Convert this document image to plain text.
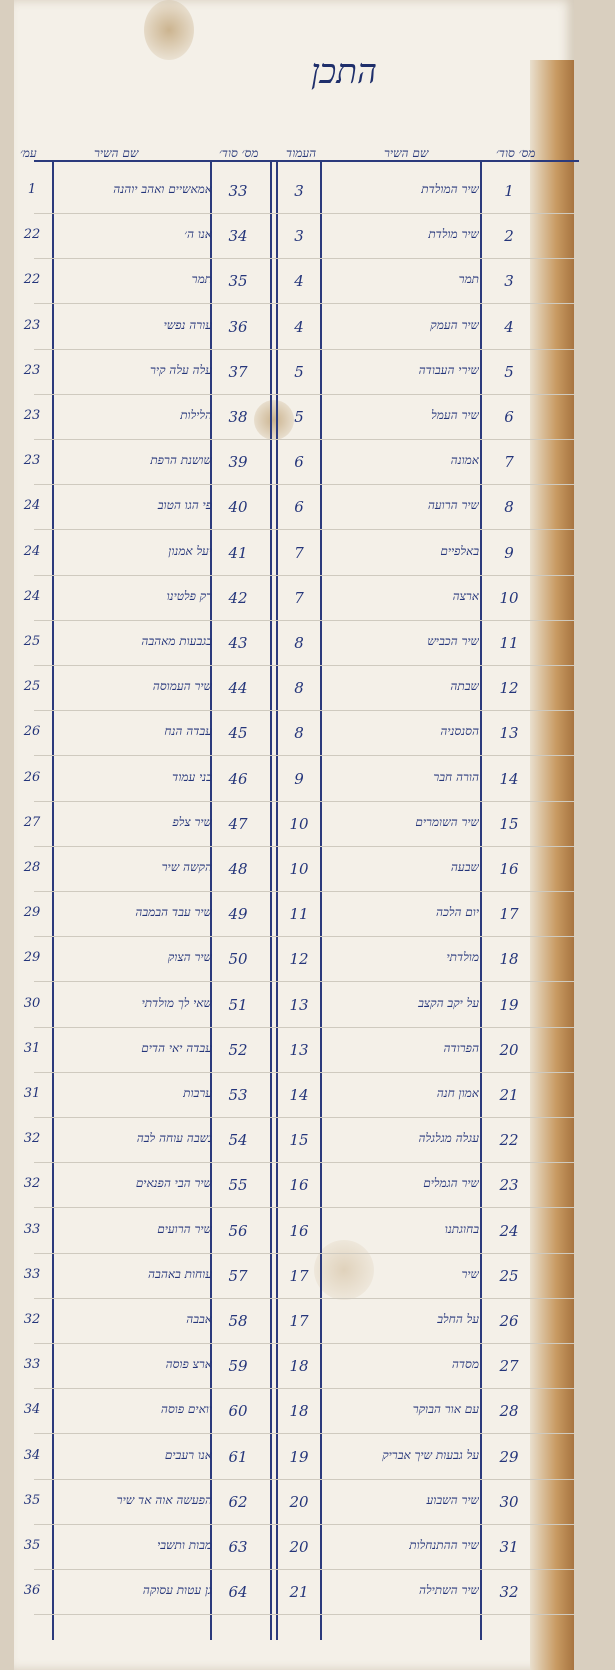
התכן
מס׳ סוד׳
שם השיר
העמוד
מס׳ סוד׳
שם השיר
עמ׳
1
שיר המולדת
3
33
אמאשיים ואהב יוהנה
1
2
שיר מולדת
3
34
אנו ה׳
22
3
תמר
4
35
תמר
22
4
שיר העמק
4
36
עורה נפשי
23
5
שירי העבודה
5
37
עלה עלה קיר
23
6
שיר העמל
5
38
הלילות
23
7
אמונה
6
39
שושנת הרפת
23
8
שיר הרועה
6
40
פי הגו הטוב
24
9
באלפיים
7
41
יעל אמנון
24
10
ארצה
7
42
רק פלטינו
24
11
שיר הכביש
8
43
בגבעות מאהבה
25
12
שבתה
8
44
שיר העמוסה
25
13
הסנסניה
8
45
עבדה הנח
26
14
הורה חבר
9
46
בני עמוד
26
15
שיר השומרים
10
47
שיר צלפ
27
16
שבעה
10
48
הקשה שיר
28
17
יום הלכה
11
49
שיר עבד הבמבה
29
18
מולדתי
12
50
שיר הצוק
29
19
על יקב הקצב
13
51
שאי לך מולדתי
30
20
הפרודה
13
52
עבדה יאי הדים
31
21
אמון חנה
14
53
ערבות
31
22
עגלה מגלגלה
15
54
נשבה עוחה לבה
32
23
שיר הגמלים
16
55
שיר הבי הפנאים
32
24
בחוגתנו
16
56
שיר הרועים
33
25
שיר
17
57
עוחות באהבה
33
26
על החלב
17
58
אבבה
32
27
מסדה
18
59
ארצ פוסה
33
28
עם אור הבוקר
18
60
יואים פוסה
34
29
על גבעות שיך אבריק
19
61
אנו רעבים
34
30
שיר השבוע
20
62
הפעשה אוה אד שיר
35
31
שיר ההתנחלות
20
63
מבות ותשבי
35
32
שיר השתילה
21
64
גן עטות עסוקה
36
